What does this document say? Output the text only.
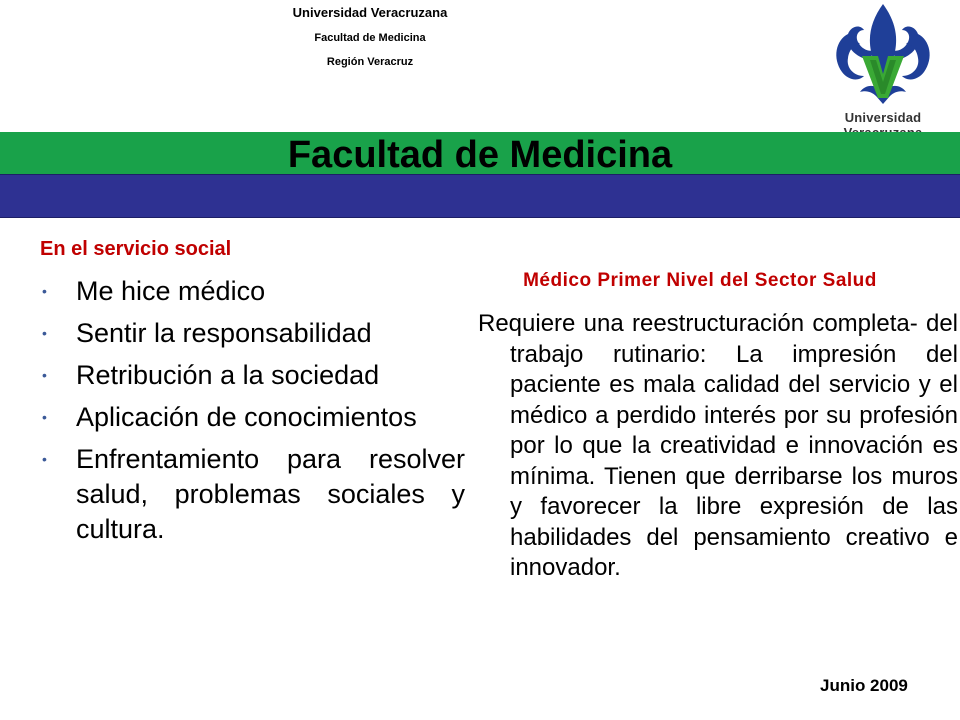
Universidad Veracruzana
Facultad de Medicina
Región Veracruz
Universidad
Facultad de Medicina
En el servicio social
• Me hice médico
• Sentir la responsabilidad
• Retribución a la sociedad
• Aplicación de conocimientos
• Enfrentamiento para resolver salud, problemas sociales y cultura.
Médico Primer Nivel del Sector Salud
Requiere una reestructuración completa- del trabajo rutinario: La impresión del paciente es mala calidad del servicio y el médico a perdido interés por su profesión por lo que la creatividad e innovación es mínima. Tienen que derribarse los muros y favorecer la libre expresión de las habilidades del pensamiento creativo e innovador.
Junio 2009
